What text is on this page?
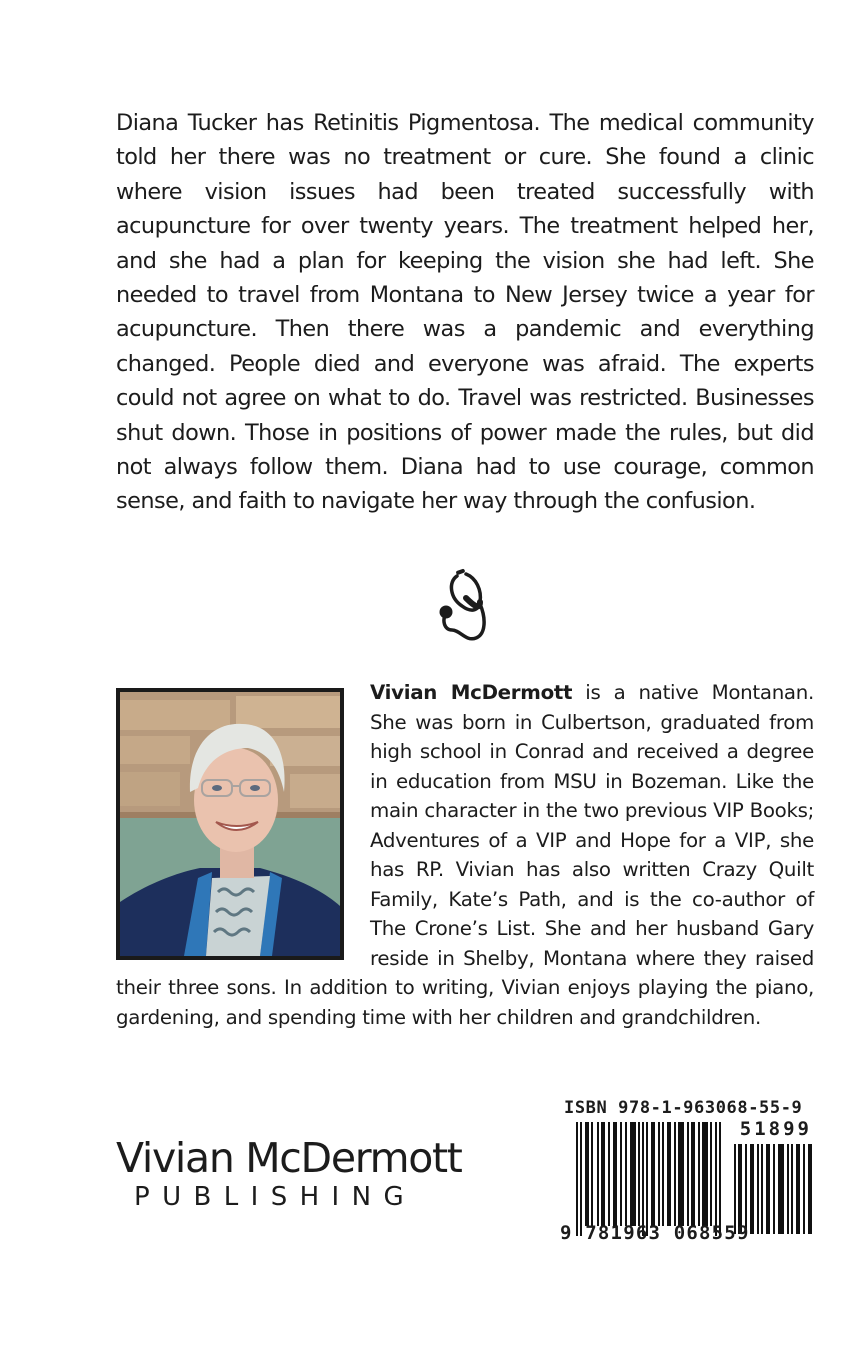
Diana Tucker has Retinitis Pigmentosa. The medical community told her there was no treatment or cure. She found a clinic where vision issues had been treated successfully with acupuncture for over twenty years. The treatment helped her, and she had a plan for keeping the vision she had left. She needed to travel from Montana to New Jersey twice a year for acupuncture. Then there was a pandemic and everything changed. People died and everyone was afraid. The experts could not agree on what to do. Travel was restricted. Businesses shut down. Those in positions of power made the rules, but did not always follow them. Diana had to use courage, common sense, and faith to navigate her way through the confusion.
Vivian McDermott is a native Montanan. She was born in Culbertson, graduated from high school in Conrad and received a degree in education from MSU in Bozeman. Like the main character in the two previous VIP Books; Adventures of a VIP and Hope for a VIP, she has RP. Vivian has also written Crazy Quilt Family, Kate’s Path, and is the co-author of The Crone’s List. She and her husband Gary reside in Shelby, Montana where they raised their three sons. In addition to writing, Vivian enjoys playing the piano, gardening, and spending time with her children and grandchildren.
Vivian McDermott
PUBLISHING
ISBN 978-1-963068-55-9
51899
9 781963 068559
